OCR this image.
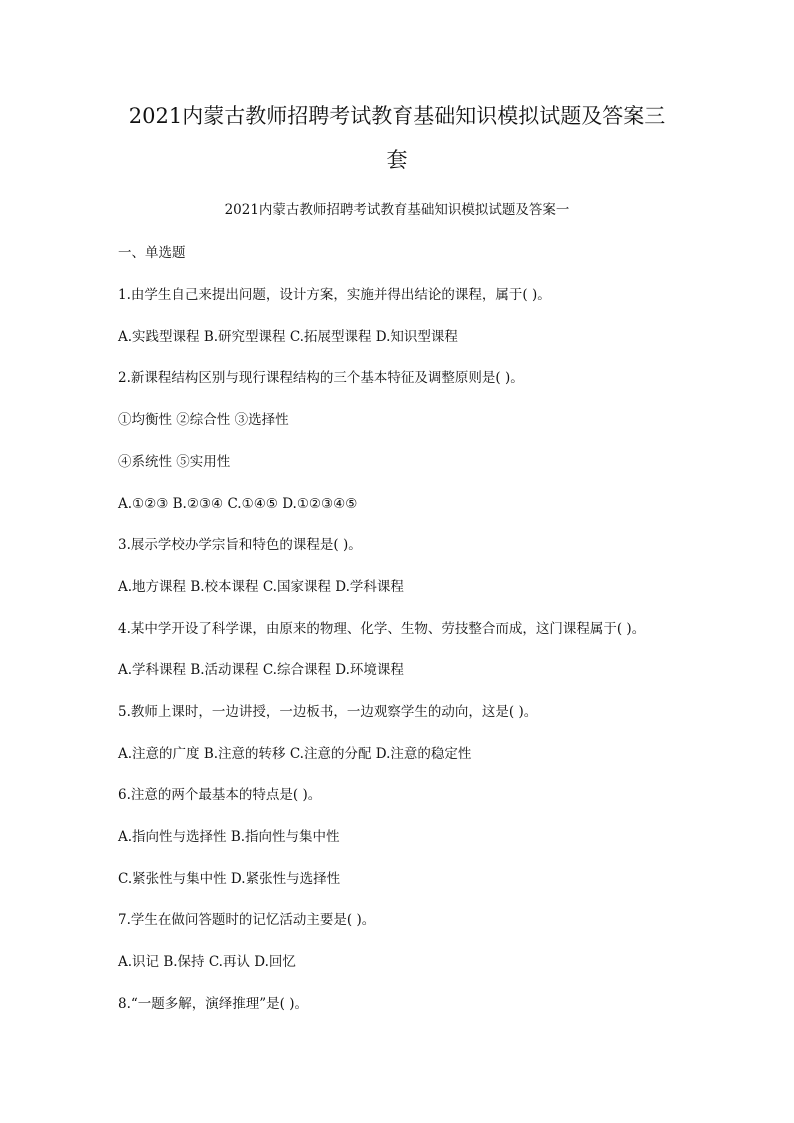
2021内蒙古教师招聘考试教育基础知识模拟试题及答案三
套
2021内蒙古教师招聘考试教育基础知识模拟试题及答案一
一、单选题
1.由学生自己来提出问题，设计方案，实施并得出结论的课程，属于( )。
A.实践型课程 B.研究型课程 C.拓展型课程 D.知识型课程
2.新课程结构区别与现行课程结构的三个基本特征及调整原则是( )。
①均衡性 ②综合性 ③选择性
④系统性 ⑤实用性
A.①②③ B.②③④ C.①④⑤ D.①②③④⑤
3.展示学校办学宗旨和特色的课程是( )。
A.地方课程 B.校本课程 C.国家课程 D.学科课程
4.某中学开设了科学课，由原来的物理、化学、生物、劳技整合而成，这门课程属于( )。
A.学科课程 B.活动课程 C.综合课程 D.环境课程
5.教师上课时，一边讲授，一边板书，一边观察学生的动向，这是( )。
A.注意的广度 B.注意的转移 C.注意的分配 D.注意的稳定性
6.注意的两个最基本的特点是( )。
A.指向性与选择性 B.指向性与集中性
C.紧张性与集中性 D.紧张性与选择性
7.学生在做问答题时的记忆活动主要是( )。
A.识记 B.保持 C.再认 D.回忆
8.“一题多解，演绎推理”是( )。
